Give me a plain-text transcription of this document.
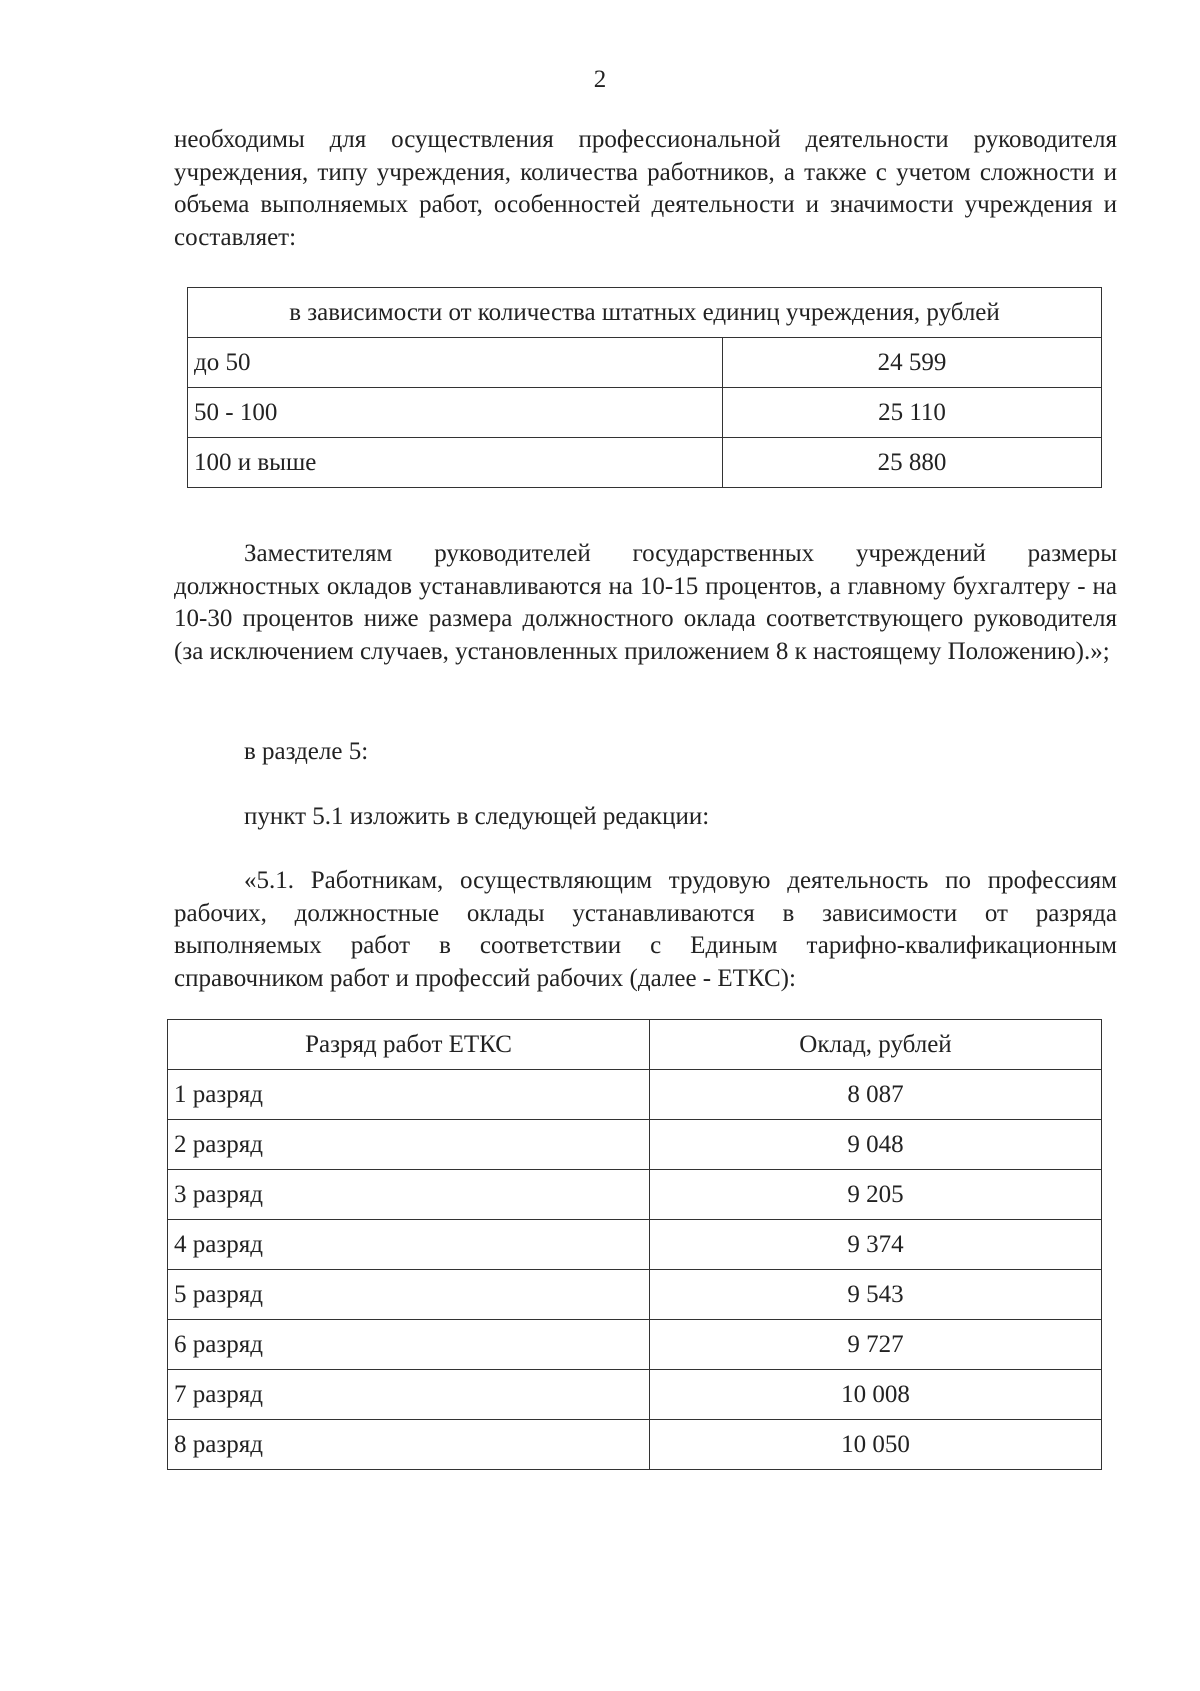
2

необходимы для осуществления профессиональной деятельности руководителя учреждения, типу учреждения, количества работников, а также с учетом сложности и объема выполняемых работ, особенностей деятельности и значимости учреждения и составляет:

в зависимости от количества штатных единиц учреждения, рублей	
до 50	24 599
50 - 100	25 110
100 и выше	25 880

Заместителям руководителей государственных учреждений размеры должностных окладов устанавливаются на 10-15 процентов, а главному бухгалтеру - на 10-30 процентов ниже размера должностного оклада соответствующего руководителя (за исключением случаев, установленных приложением 8 к настоящему Положению).»;

в разделе 5:

пункт 5.1 изложить в следующей редакции:

«5.1. Работникам, осуществляющим трудовую деятельность по профессиям рабочих, должностные оклады устанавливаются в зависимости от разряда выполняемых работ в соответствии с Единым тарифно-квалификационным справочником работ и профессий рабочих (далее - ЕТКС):

Разряд работ ЕТКС	Оклад, рублей
1 разряд	8 087
2 разряд	9 048
3 разряд	9 205
4 разряд	9 374
5 разряд	9 543
6 разряд	9 727
7 разряд	10 008
8 разряд	10 050
